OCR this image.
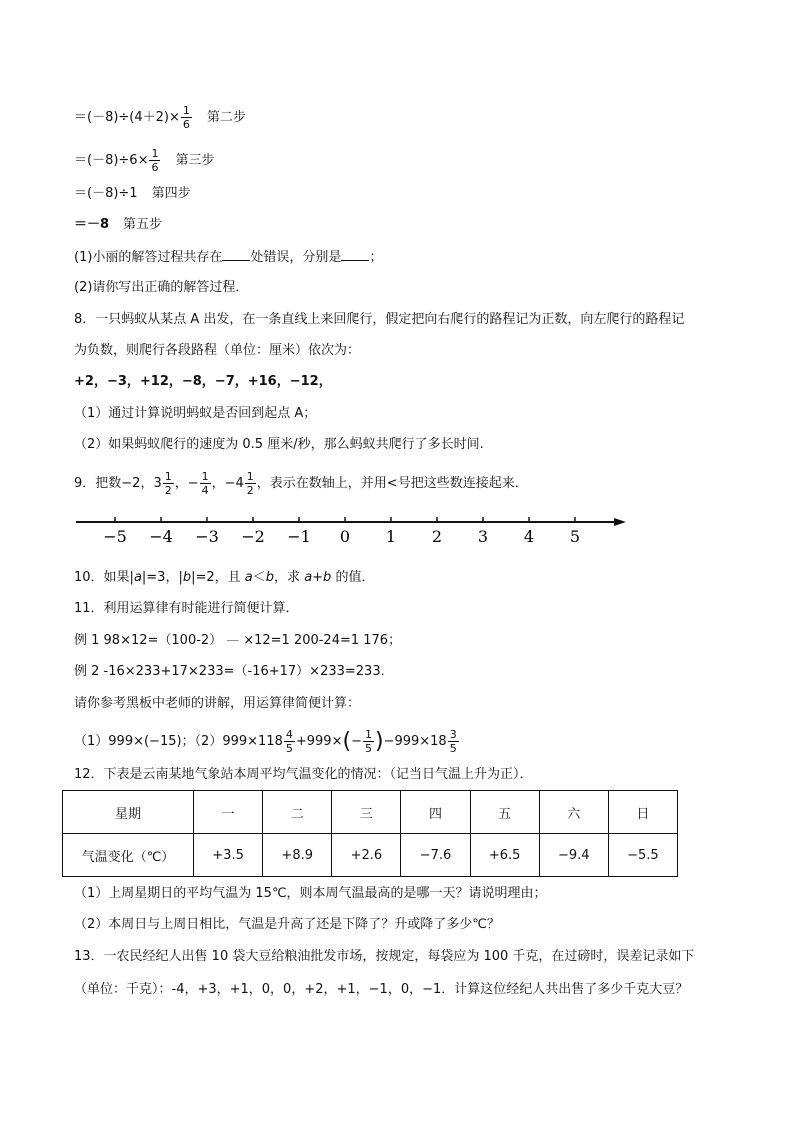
$=(-8)\div(4+2)\times \frac{1}{6}$ 第二步
$=(-8)\div 6\times \frac{1}{6}$ 第三步
＝(－8)÷1 第四步
＝－8 第五步
(1)小丽的解答过程共存在 处错误，分别是 ；
(2)请你写出正确的解答过程．
8．一只蚂蚁从某点 A 出发，在一条直线上来回爬行，假定把向右爬行的路程记为正数，向左爬行的路程记
为负数，则爬行各段路程（单位：厘米）依次为：
+2，−3，+12，−8，−7，+16，−12，
（1）通过计算说明蚂蚁是否回到起点 A；
（2）如果蚂蚁爬行的速度为 0.5 厘米/秒，那么蚂蚁共爬行了多长时间.
9．把数−2，$3 \frac{1}{2}$ ，− $\frac{1}{4}$ ，$-4 \frac{1}{2}$ ，表示在数轴上，并用<号把这些数连接起来．
−5 −4 −3 −2 −1 0 1 2 3 4 5
10．如果|a|=3，|b|=2，且 a＜b，求 a+b 的值．
11．利用运算律有时能进行简便计算．
例 1 98×12=（100-2） — ×12=1 200-24=1 176；
例 2 -16×233+17×233=（-16+17）×233=233．
请你参考黑板中老师的讲解，用运算律简便计算：
（1）999×(−15)；$(2)999\times 118 \frac{4}{5} +999\times(- \frac{1}{5} )-999\times 18 \frac{3}{5}$
12．下表是云南某地气象站本周平均气温变化的情况：（记当日气温上升为正）．
星期	一	二	三	四	五	六	日
气温变化（℃）	+3.5	+8.9	+2.6	−7.6	+6.5	−9.4	−5.5
（1）上周星期日的平均气温为 15℃，则本周气温最高的是哪一天？请说明理由；
（2）本周日与上周日相比，气温是升高了还是下降了？升或降了多少℃？
13．一农民经纪人出售 10 袋大豆给粮油批发市场，按规定，每袋应为 100 千克，在过磅时，误差记录如下
（单位：千克）：-4，+3，+1，0，0，+2，+1，−1，0，−1．计算这位经纪人共出售了多少千克大豆？
